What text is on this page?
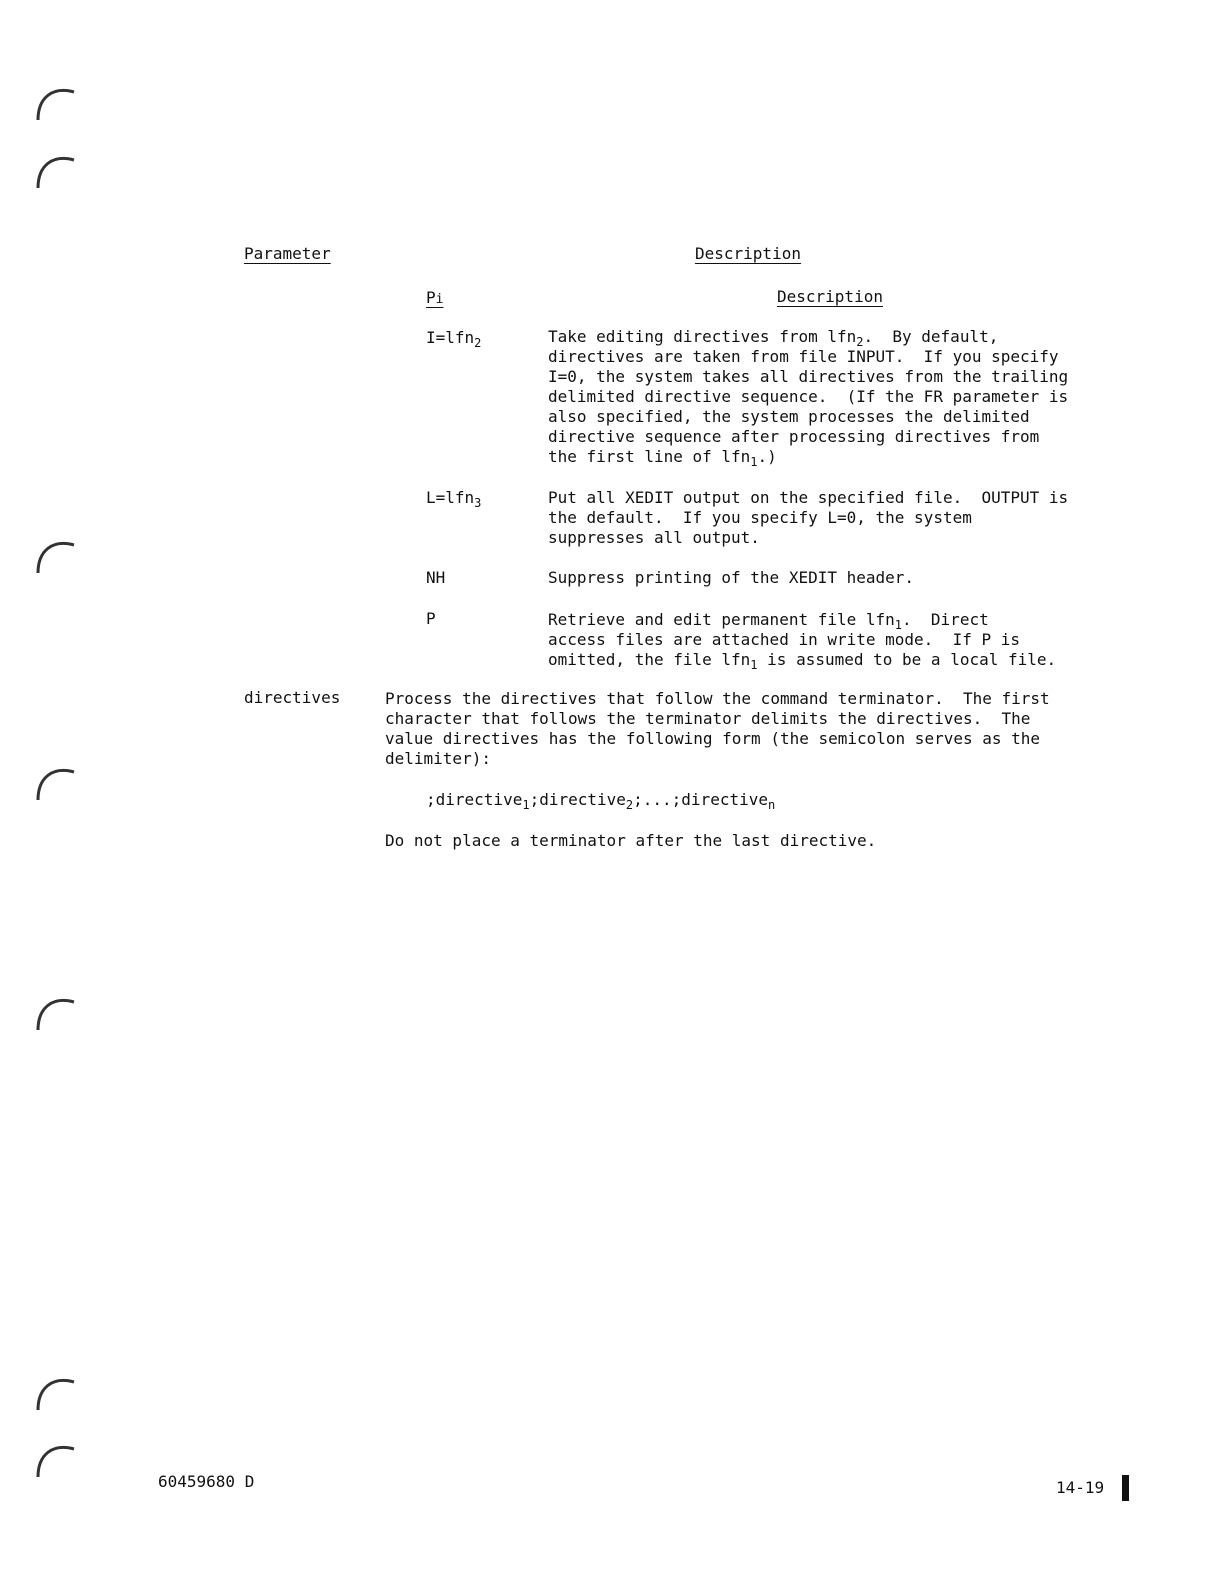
Parameter	Description
Pi	Description
I=lfn$_2$	Take editing directives from lfn$_2$.  By default,
directives are taken from file INPUT.  If you specify
I=0, the system takes all directives from the trailing
delimited directive sequence.  (If the FR parameter is
also specified, the system processes the delimited
directive sequence after processing directives from
the first line of lfn$_1$.)
L=lfn$_3$	Put all XEDIT output on the specified file.  OUTPUT is
the default.  If you specify L=0, the system
suppresses all output.
NH	Suppress printing of the XEDIT header.
P	Retrieve and edit permanent file lfn$_1$.  Direct
access files are attached in write mode.  If P is
omitted, the file lfn$_1$ is assumed to be a local file.
directives	Process the directives that follow the command terminator.  The first
character that follows the terminator delimits the directives.  The
value directives has the following form (the semicolon serves as the
delimiter):
;directive$_1$;directive$_2$;...;directive$_n$
Do not place a terminator after the last directive.
60459680 D	14-19
